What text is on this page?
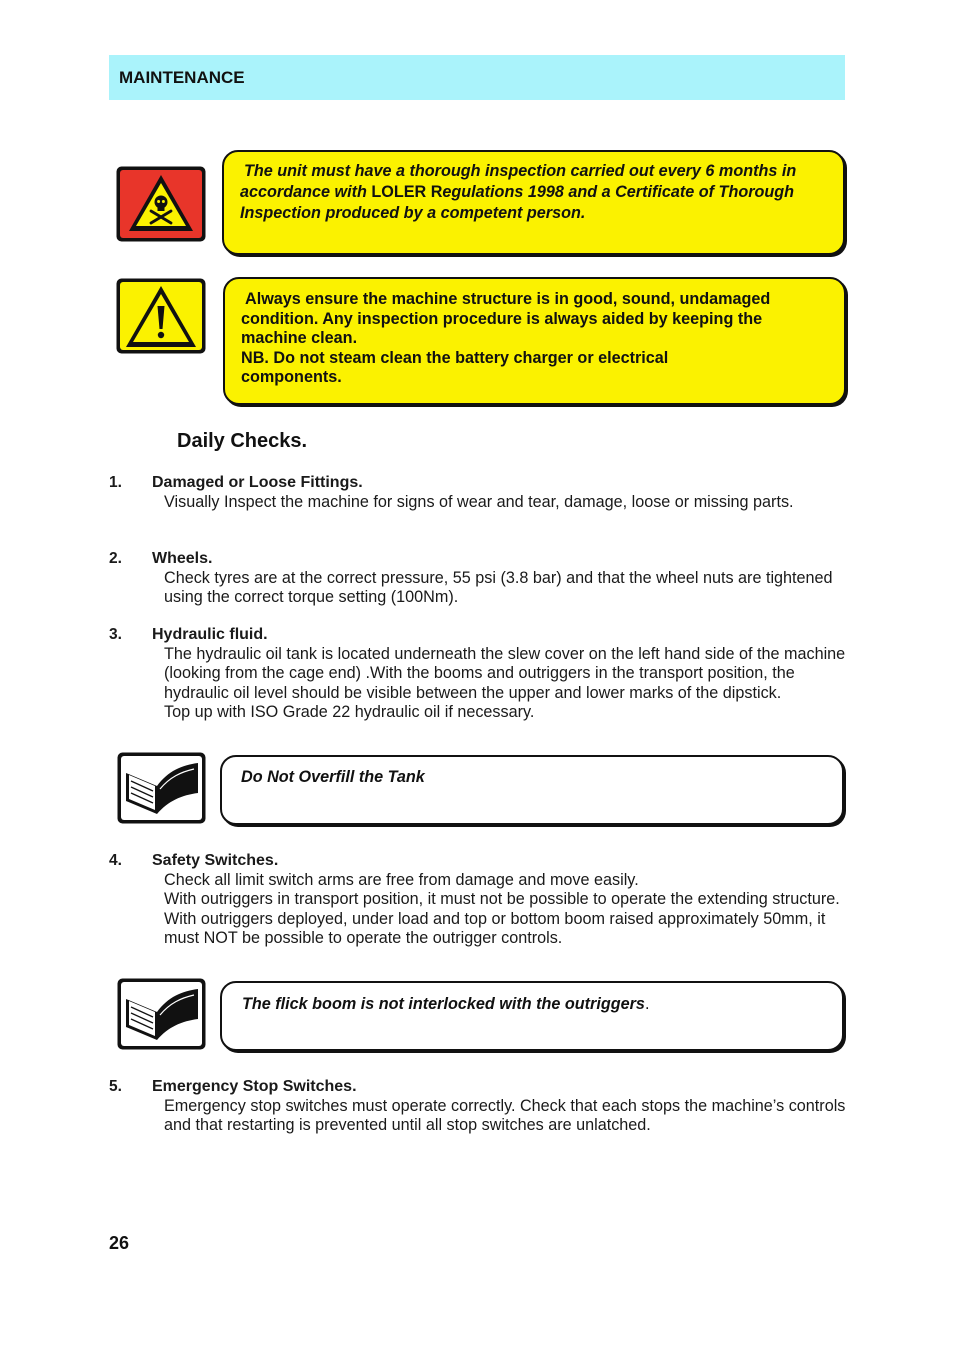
MAINTENANCE
The unit must have a thorough inspection carried out every 6 months in accordance with LOLER Regulations 1998 and a Certificate of Thorough Inspection produced by a competent person.
Always ensure the machine structure is in good, sound, undamaged
condition. Any inspection procedure is always aided by keeping the
machine clean.
NB. Do not steam clean the battery charger or electrical
components.
Daily Checks.
1. Damaged or Loose Fittings.

Visually Inspect the machine for signs of wear and tear, damage, loose or missing parts.

2. Wheels.

Check tyres are at the correct pressure, 55 psi (3.8 bar) and that the wheel nuts are tightened using the correct torque setting (100Nm).

3. Hydraulic fluid.

The hydraulic oil tank is located underneath the slew cover on the left hand side of the machine (looking from the cage end) .With the booms and outriggers in the transport position, the hydraulic oil level should be visible between the upper and lower marks of the dipstick.

Top up with ISO Grade 22 hydraulic oil if necessary.

Do Not Overfill the Tank
4. Safety Switches.

Check all limit switch arms are free from damage and move easily.

With outriggers in transport position, it must not be possible to operate the extending structure.

With outriggers deployed, under load and top or bottom boom raised approximately 50mm, it must NOT be possible to operate the outrigger controls.

The flick boom is not interlocked with the outriggers.
5. Emergency Stop Switches.

Emergency stop switches must operate correctly. Check that each stops the machine’s controls and that restarting is prevented until all stop switches are unlatched.

26
